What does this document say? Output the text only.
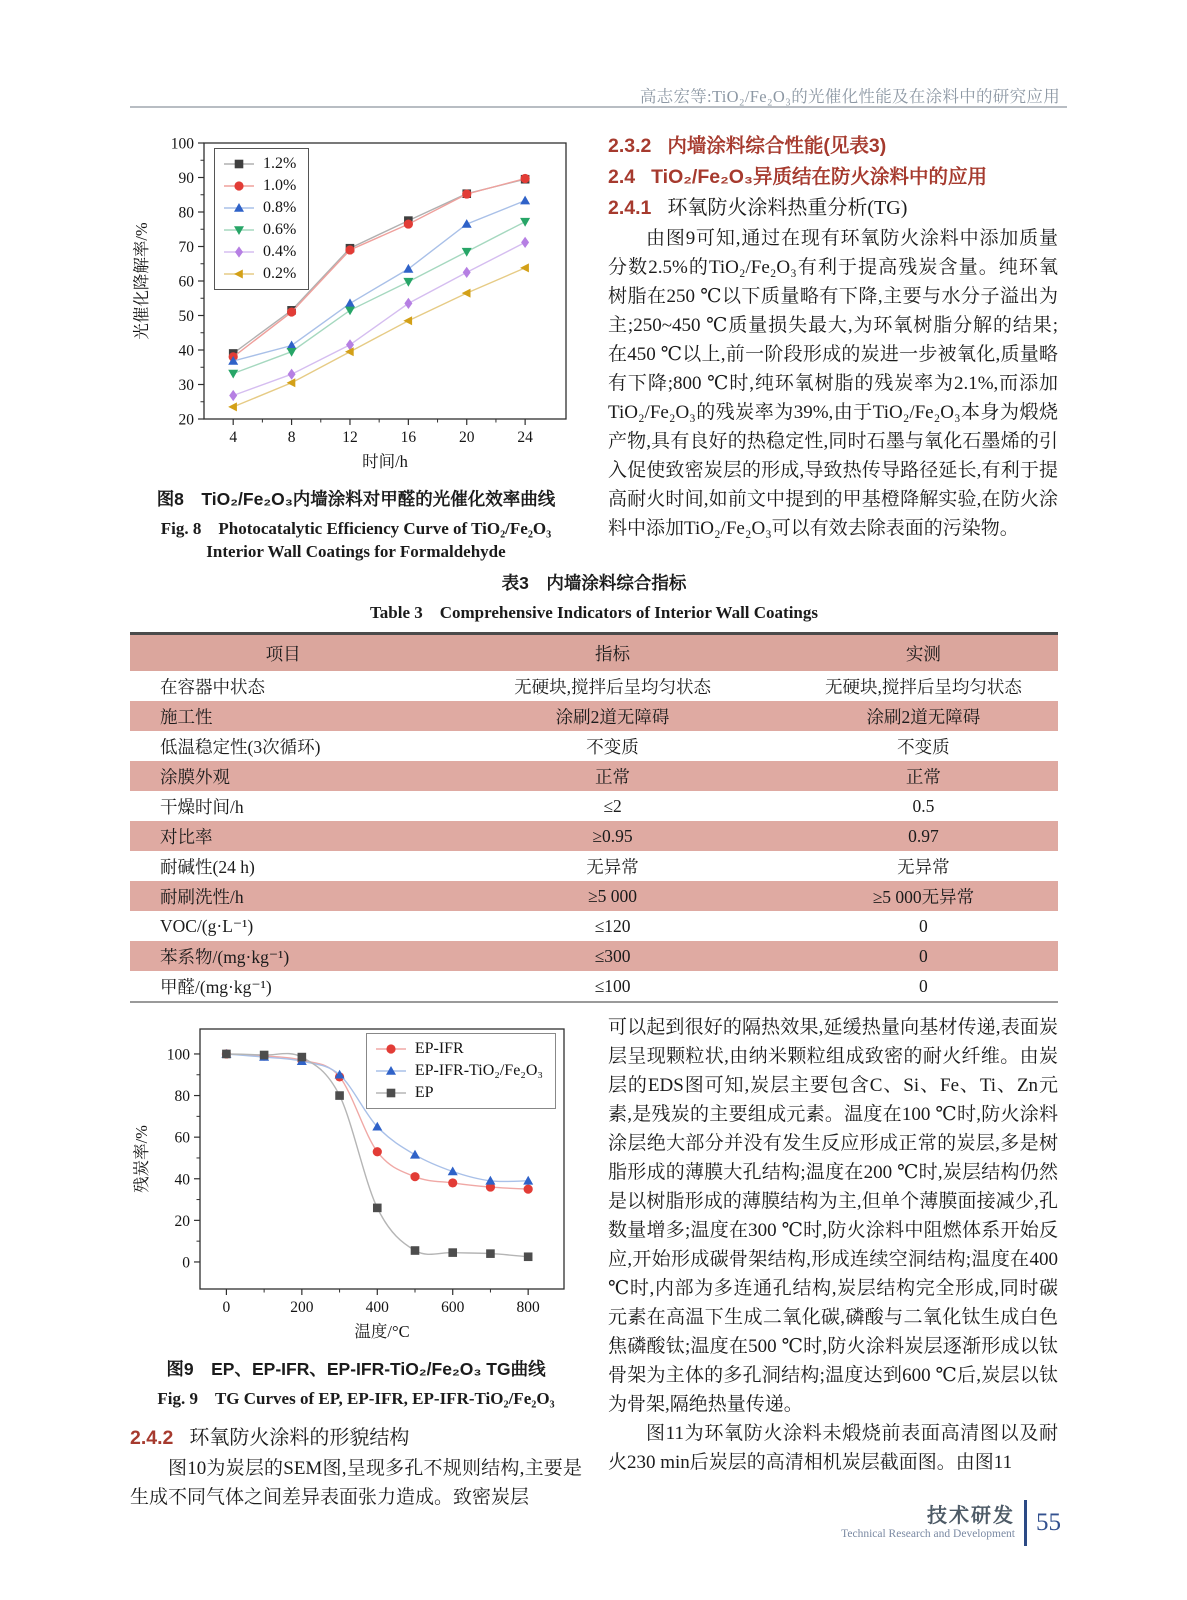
高志宏等:TiO₂/Fe₂O₃的光催化性能及在涂料中的研究应用
4	8	12	16	20	24
20
30
40
50
60
70
80
90
100
时间/h
光催化降解率/%
1.2%
1.0%
0.8%
0.6%
0.4%
0.2%
图8　TiO₂/Fe₂O₃内墙涂料对甲醛的光催化效率曲线
Fig. 8　Photocatalytic Efficiency Curve of TiO₂/Fe₂O₃
Interior Wall Coatings for Formaldehyde

2.3.2 内墙涂料综合性能(见表3)

2.4 TiO₂/Fe₂O₃异质结在防火涂料中的应用

2.4.1 环氧防火涂料热重分析(TG)

由图9可知,通过在现有环氧防火涂料中添加质量分数2.5%的TiO₂/Fe₂O₃有利于提高残炭含量。纯环氧树脂在250 ℃以下质量略有下降,主要与水分子溢出为主;250~450 ℃质量损失最大,为环氧树脂分解的结果;在450 ℃以上,前一阶段形成的炭进一步被氧化,质量略有下降;800 ℃时,纯环氧树脂的残炭率为2.1%,而添加TiO₂/Fe₂O₃的残炭率为39%,由于TiO₂/Fe₂O₃本身为煅烧产物,具有良好的热稳定性,同时石墨与氧化石墨烯的引入促使致密炭层的形成,导致热传导路径延长,有利于提高耐火时间,如前文中提到的甲基橙降解实验,在防火涂料中添加TiO₂/Fe₂O₃可以有效去除表面的污染物。

表3　内墙涂料综合指标
Table 3　Comprehensive Indicators of Interior Wall Coatings
项目	指标	实测
在容器中状态	无硬块,搅拌后呈均匀状态	无硬块,搅拌后呈均匀状态
施工性	涂刷2道无障碍	涂刷2道无障碍
低温稳定性(3次循环)	不变质	不变质
涂膜外观	正常	正常
干燥时间/h	≤2	0.5
对比率	≥0.95	0.97
耐碱性(24 h)	无异常	无异常
耐刷洗性/h	≥5 000	≥5 000无异常
VOC/(g·L⁻¹)	≤120	0
苯系物/(mg·kg⁻¹)	≤300	0
甲醛/(mg·kg⁻¹)	≤100	0
0	200	400	600	800
0
20
40
60
80
100
温度/°C
残炭率/%
EP-IFR
EP-IFR-TiO₂/Fe₂O₃
EP
图9　EP、EP-IFR、EP-IFR-TiO₂/Fe₂O₃ TG曲线
Fig. 9　TG Curves of EP, EP-IFR, EP-IFR-TiO₂/Fe₂O₃

2.4.2 环氧防火涂料的形貌结构

图10为炭层的SEM图,呈现多孔不规则结构,主要是生成不同气体之间差异表面张力造成。致密炭层

可以起到很好的隔热效果,延缓热量向基材传递,表面炭层呈现颗粒状,由纳米颗粒组成致密的耐火纤维。由炭层的EDS图可知,炭层主要包含C、Si、Fe、Ti、Zn元素,是残炭的主要组成元素。温度在100 ℃时,防火涂料涂层绝大部分并没有发生反应形成正常的炭层,多是树脂形成的薄膜大孔结构;温度在200 ℃时,炭层结构仍然是以树脂形成的薄膜结构为主,但单个薄膜面接减少,孔数量增多;温度在300 ℃时,防火涂料中阻燃体系开始反应,开始形成碳骨架结构,形成连续空洞结构;温度在400 ℃时,内部为多连通孔结构,炭层结构完全形成,同时碳元素在高温下生成二氧化碳,磷酸与二氧化钛生成白色焦磷酸钛;温度在500 ℃时,防火涂料炭层逐渐形成以钛骨架为主体的多孔洞结构;温度达到600 ℃后,炭层以钛为骨架,隔绝热量传递。

图11为环氧防火涂料未煅烧前表面高清图以及耐火230 min后炭层的高清相机炭层截面图。由图11

技术研发
Technical Research and Development 55
